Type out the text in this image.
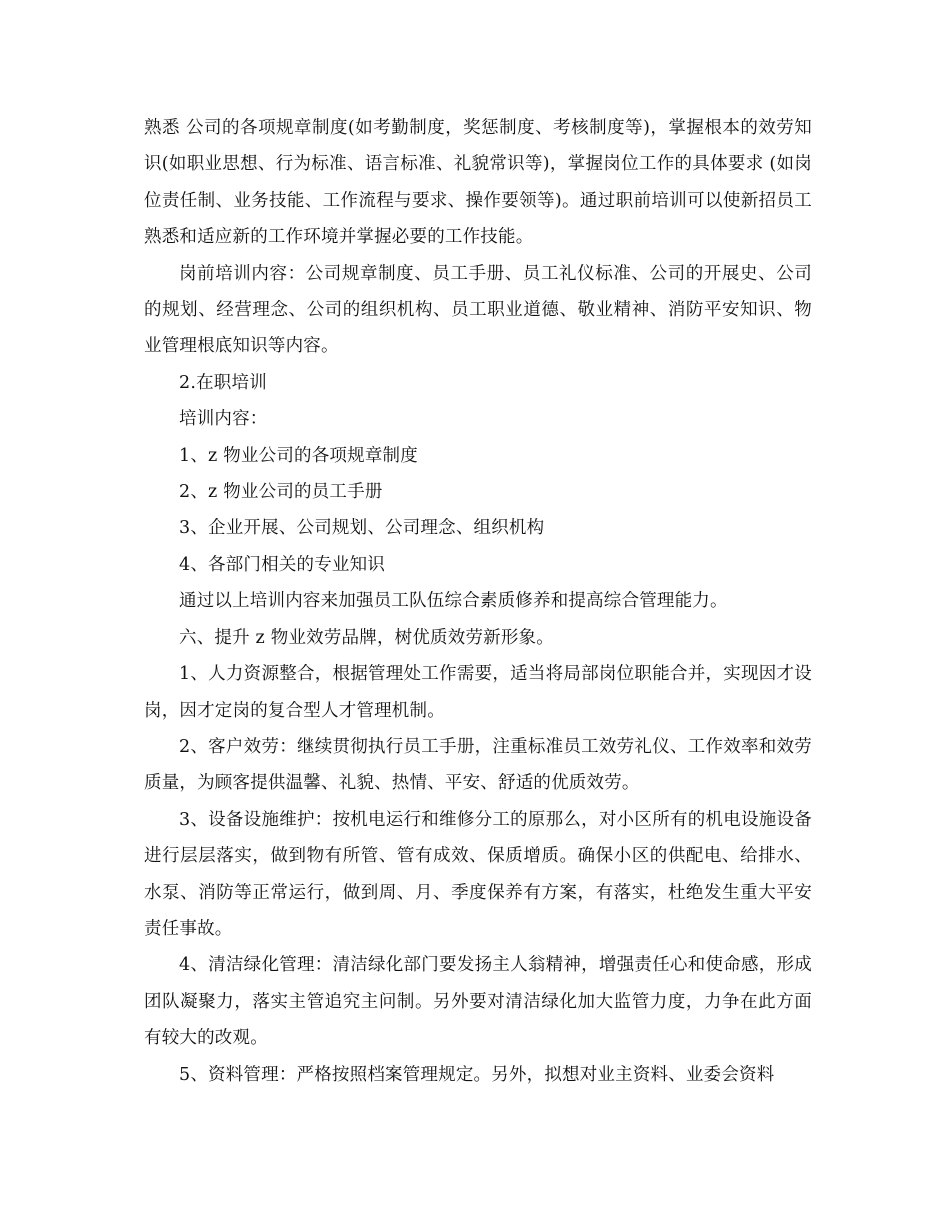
熟悉 公司的各项规章制度(如考勤制度，奖惩制度、考核制度等)，掌握根本的效劳知识(如职业思想、行为标准、语言标准、礼貌常识等)，掌握岗位工作的具体要求 (如岗位责任制、业务技能、工作流程与要求、操作要领等)。通过职前培训可以使新招员工熟悉和适应新的工作环境并掌握必要的工作技能。

岗前培训内容：公司规章制度、员工手册、员工礼仪标准、公司的开展史、公司的规划、经营理念、公司的组织机构、员工职业道德、敬业精神、消防平安知识、物业管理根底知识等内容。

2.在职培训

培训内容：

1、z 物业公司的各项规章制度

2、z 物业公司的员工手册

3、企业开展、公司规划、公司理念、组织机构

4、各部门相关的专业知识

通过以上培训内容来加强员工队伍综合素质修养和提高综合管理能力。

六、提升 z 物业效劳品牌，树优质效劳新形象。

1、人力资源整合，根据管理处工作需要，适当将局部岗位职能合并，实现因才设岗，因才定岗的复合型人才管理机制。

2、客户效劳：继续贯彻执行员工手册，注重标准员工效劳礼仪、工作效率和效劳质量，为顾客提供温馨、礼貌、热情、平安、舒适的优质效劳。

3、设备设施维护：按机电运行和维修分工的原那么，对小区所有的机电设施设备进行层层落实，做到物有所管、管有成效、保质增质。确保小区的供配电、给排水、水泵、消防等正常运行，做到周、月、季度保养有方案，有落实，杜绝发生重大平安责任事故。

4、清洁绿化管理：清洁绿化部门要发扬主人翁精神，增强责任心和使命感，形成团队凝聚力，落实主管追究主问制。另外要对清洁绿化加大监管力度，力争在此方面有较大的改观。

5、资料管理：严格按照档案管理规定。另外，拟想对业主资料、业委会资料
